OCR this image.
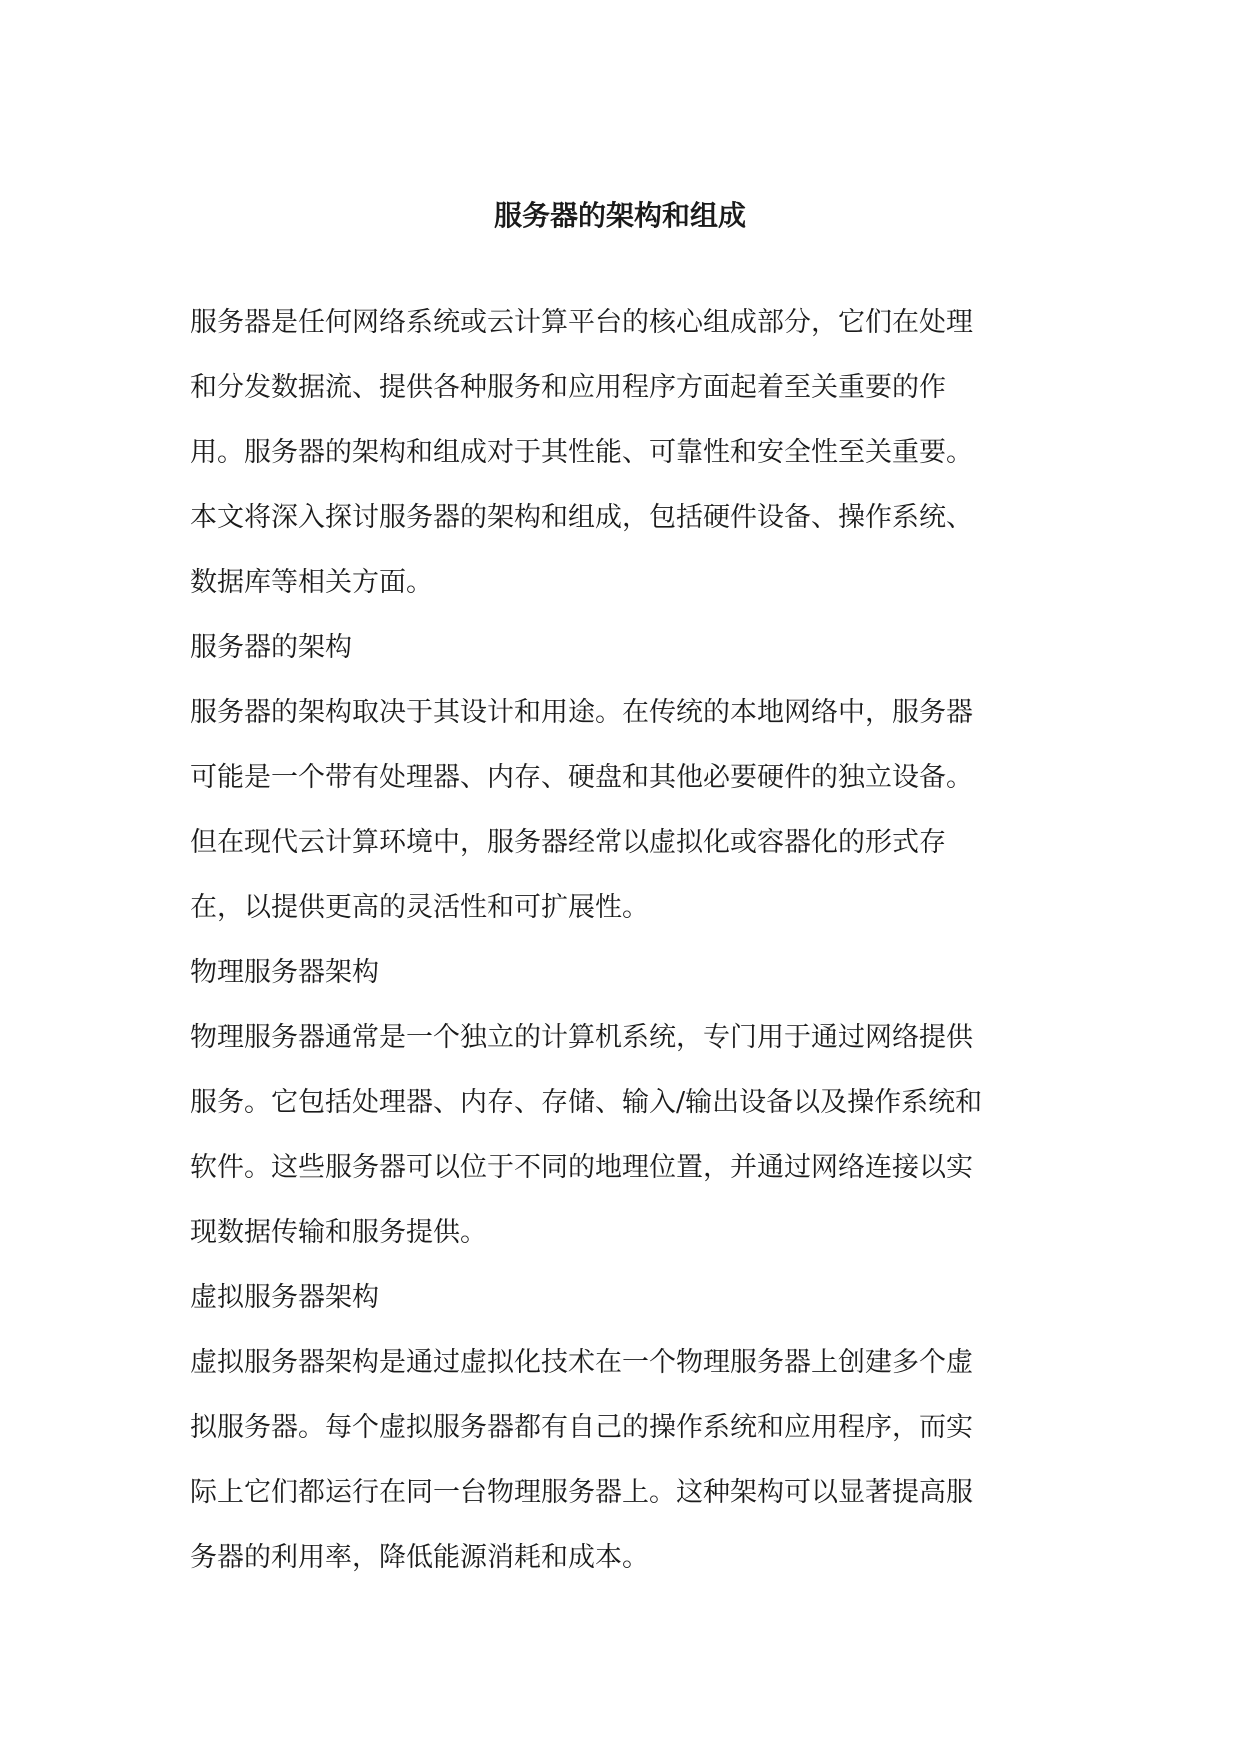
服务器的架构和组成
服务器是任何网络系统或云计算平台的核心组成部分，它们在处理
和分发数据流、提供各种服务和应用程序方面起着至关重要的作
用。服务器的架构和组成对于其性能、可靠性和安全性至关重要。
本文将深入探讨服务器的架构和组成，包括硬件设备、操作系统、
数据库等相关方面。
服务器的架构
服务器的架构取决于其设计和用途。在传统的本地网络中，服务器
可能是一个带有处理器、内存、硬盘和其他必要硬件的独立设备。
但在现代云计算环境中，服务器经常以虚拟化或容器化的形式存
在，以提供更高的灵活性和可扩展性。
物理服务器架构
物理服务器通常是一个独立的计算机系统，专门用于通过网络提供
服务。它包括处理器、内存、存储、输入/输出设备以及操作系统和
软件。这些服务器可以位于不同的地理位置，并通过网络连接以实
现数据传输和服务提供。
虚拟服务器架构
虚拟服务器架构是通过虚拟化技术在一个物理服务器上创建多个虚
拟服务器。每个虚拟服务器都有自己的操作系统和应用程序，而实
际上它们都运行在同一台物理服务器上。这种架构可以显著提高服
务器的利用率，降低能源消耗和成本。
